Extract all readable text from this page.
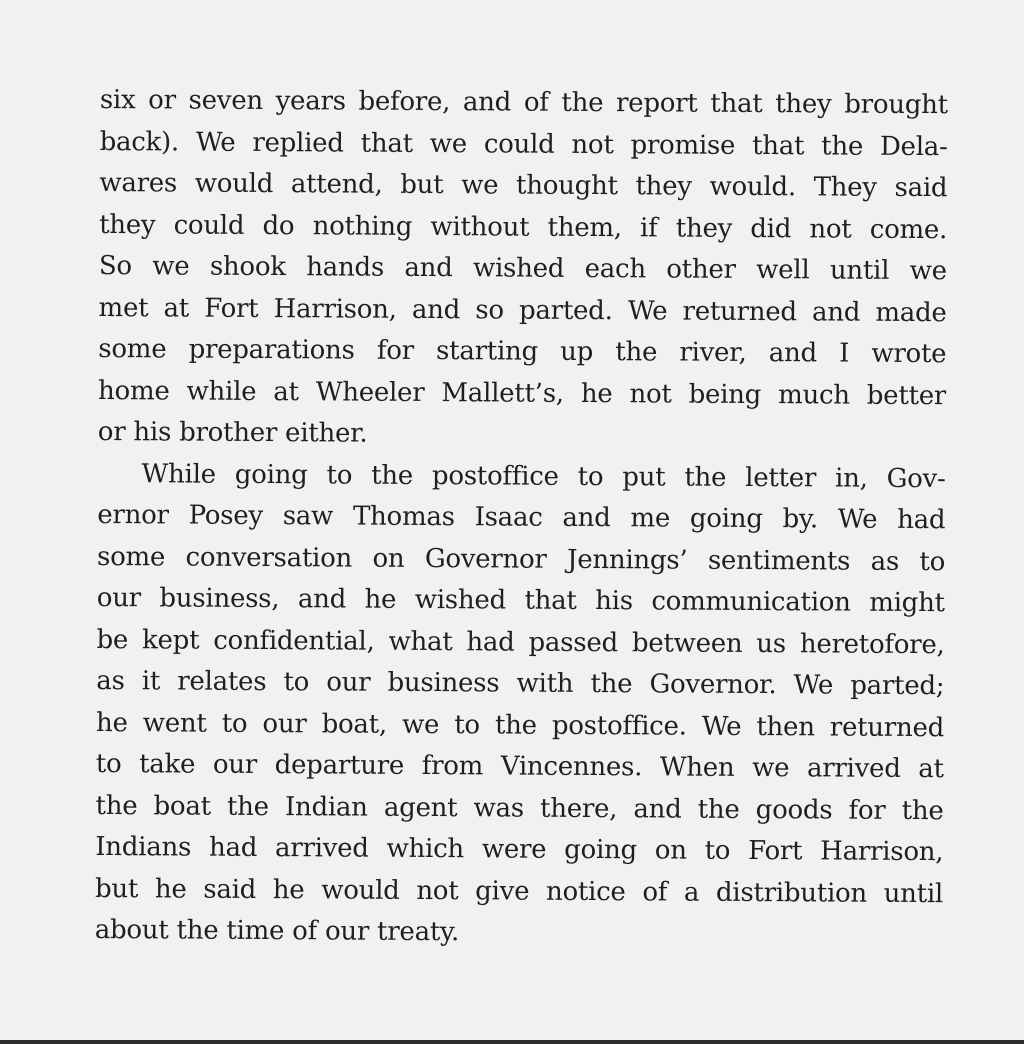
six or seven years before, and of the report that they brought
back). We replied that we could not promise that the Dela-
wares would attend, but we thought they would. They said
they could do nothing without them, if they did not come.
So we shook hands and wished each other well until we
met at Fort Harrison, and so parted. We returned and made
some preparations for starting up the river, and I wrote
home while at Wheeler Mallett’s, he not being much better
or his brother either.
While going to the postoffice to put the letter in, Gov-
ernor Posey saw Thomas Isaac and me going by. We had
some conversation on Governor Jennings’ sentiments as to
our business, and he wished that his communication might
be kept confidential, what had passed between us heretofore,
as it relates to our business with the Governor. We parted;
he went to our boat, we to the postoffice. We then returned
to take our departure from Vincennes. When we arrived at
the boat the Indian agent was there, and the goods for the
Indians had arrived which were going on to Fort Harrison,
but he said he would not give notice of a distribution until
about the time of our treaty.
